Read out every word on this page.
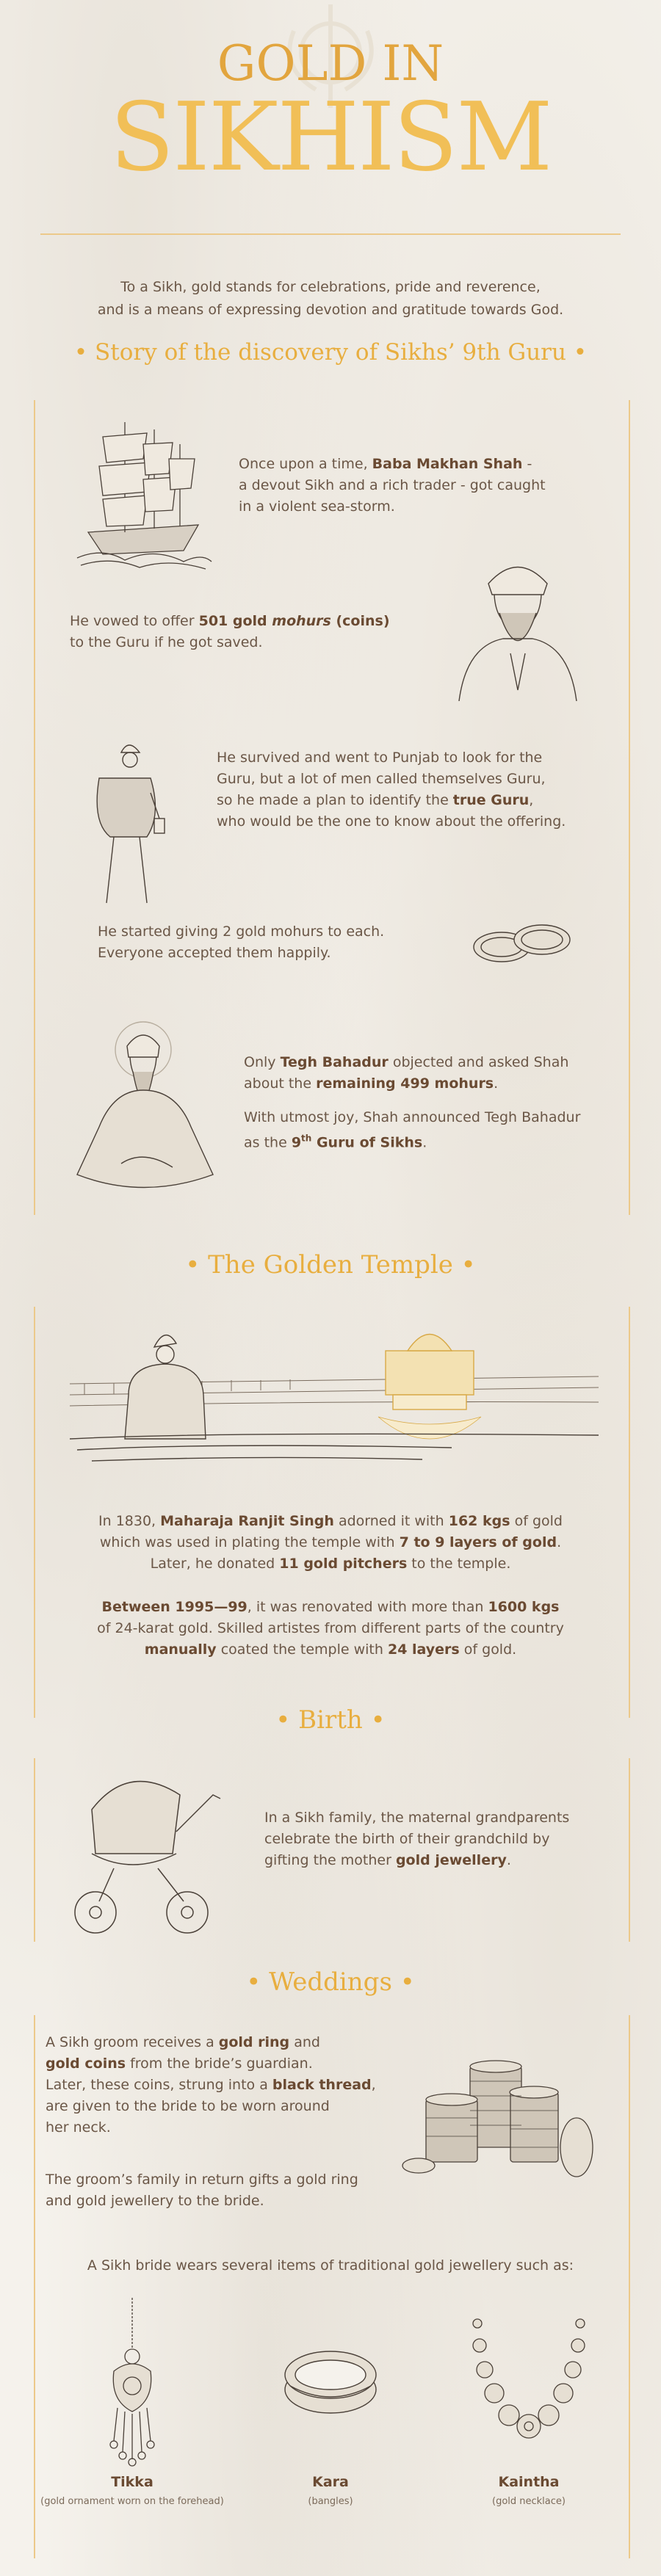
GOLD IN
SIKHISM
To a Sikh, gold stands for celebrations, pride and reverence,
and is a means of expressing devotion and gratitude towards God.
• Story of the discovery of Sikhs’ 9th Guru •
Once upon a time, Baba Makhan Shah -
a devout Sikh and a rich trader - got caught
in a violent sea-storm.
He vowed to offer 501 gold mohurs (coins)
to the Guru if he got saved.
He survived and went to Punjab to look for the
Guru, but a lot of men called themselves Guru,
so he made a plan to identify the true Guru,
who would be the one to know about the offering.
He started giving 2 gold mohurs to each.
Everyone accepted them happily.
Only Tegh Bahadur objected and asked Shah
about the remaining 499 mohurs.
With utmost joy, Shah announced Tegh Bahadur
as the 9th Guru of Sikhs.
• The Golden Temple •
In 1830, Maharaja Ranjit Singh adorned it with 162 kgs of gold
which was used in plating the temple with 7 to 9 layers of gold.
Later, he donated 11 gold pitchers to the temple.
Between 1995—99, it was renovated with more than 1600 kgs
of 24-karat gold. Skilled artistes from different parts of the country
manually coated the temple with 24 layers of gold.
• Birth •
In a Sikh family, the maternal grandparents
celebrate the birth of their grandchild by
gifting the mother gold jewellery.
• Weddings •
A Sikh groom receives a gold ring and
gold coins from the bride’s guardian.
Later, these coins, strung into a black thread,
are given to the bride to be worn around
her neck.
The groom’s family in return gifts a gold ring
and gold jewellery to the bride.
A Sikh bride wears several items of traditional gold jewellery such as:
Tikka
(gold ornament worn on the forehead)
Kara
(bangles)
Kaintha
(gold necklace)
